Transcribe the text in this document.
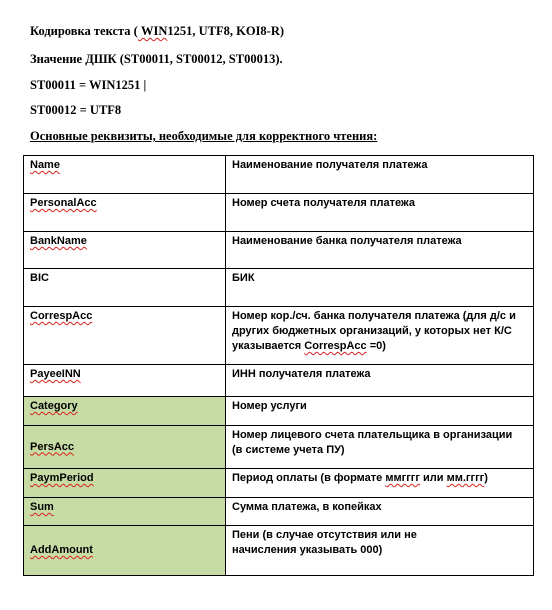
Кодировка текста ( WIN1251, UTF8, KOI8-R)
Значение ДШК (ST00011, ST00012, ST00013).
ST00011 = WIN1251 |
ST00012 = UTF8
Основные реквизиты, необходимые для корректного чтения:
Name	Наименование получателя платежа
PersonalAcc	Номер счета получателя платежа
BankName	Наименование банка получателя платежа
BIC	БИК
CorrespAcc	Номер кор./сч. банка получателя платежа (для д/с и
других бюджетных организаций, у которых нет К/С
указывается CorrespAcc =0)

PayeeINN	ИНН получателя платежа
Category	Номер услуги
PersAcc	Номер лицевого счета плательщика в организации
(в системе учета ПУ)

PaymPeriod	Период оплаты (в формате ммгггг или мм.гггг)
Sum	Сумма платежа, в копейках
AddAmount	Пени (в случае отсутствия или не
начисления указывать 000)
